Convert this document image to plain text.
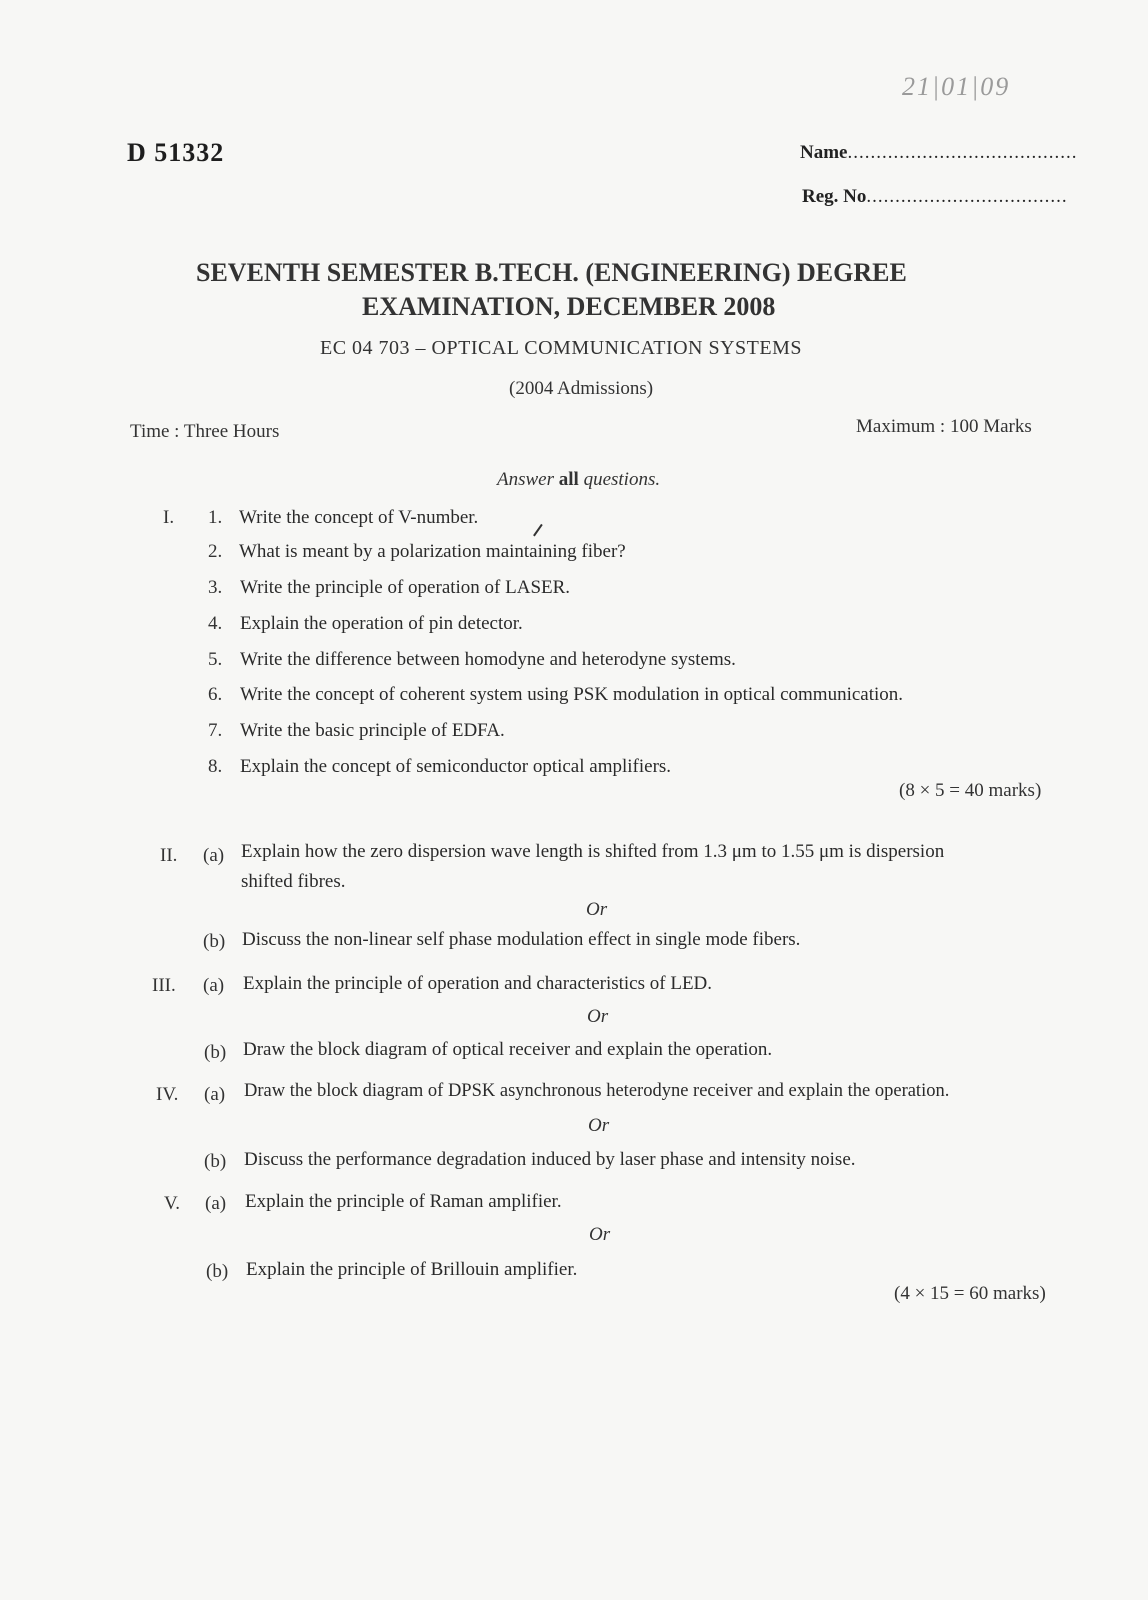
21|01|09
D 51332	Name........................................
Reg. No...................................
SEVENTH SEMESTER B.TECH. (ENGINEERING) DEGREE
EXAMINATION, DECEMBER 2008
EC 04 703 – OPTICAL COMMUNICATION SYSTEMS
(2004 Admissions)
Time : Three Hours	Maximum : 100 Marks
Answer all questions.
I. 1. Write the concept of V-number.
2. What is meant by a polarization maintaining fiber?
3. Write the principle of operation of LASER.
4. Explain the operation of pin detector.
5. Write the difference between homodyne and heterodyne systems.
6. Write the concept of coherent system using PSK modulation in optical communication.
7. Write the basic principle of EDFA.
8. Explain the concept of semiconductor optical amplifiers.
(8 × 5 = 40 marks)
II. (a) Explain how the zero dispersion wave length is shifted from 1.3 μm to 1.55 μm is dispersion
shifted fibres.
Or
(b) Discuss the non-linear self phase modulation effect in single mode fibers.
III. (a) Explain the principle of operation and characteristics of LED.
Or
(b) Draw the block diagram of optical receiver and explain the operation.
IV. (a) Draw the block diagram of DPSK asynchronous heterodyne receiver and explain the operation.
Or
(b) Discuss the performance degradation induced by laser phase and intensity noise.
V. (a) Explain the principle of Raman amplifier.
Or
(b) Explain the principle of Brillouin amplifier.
(4 × 15 = 60 marks)
